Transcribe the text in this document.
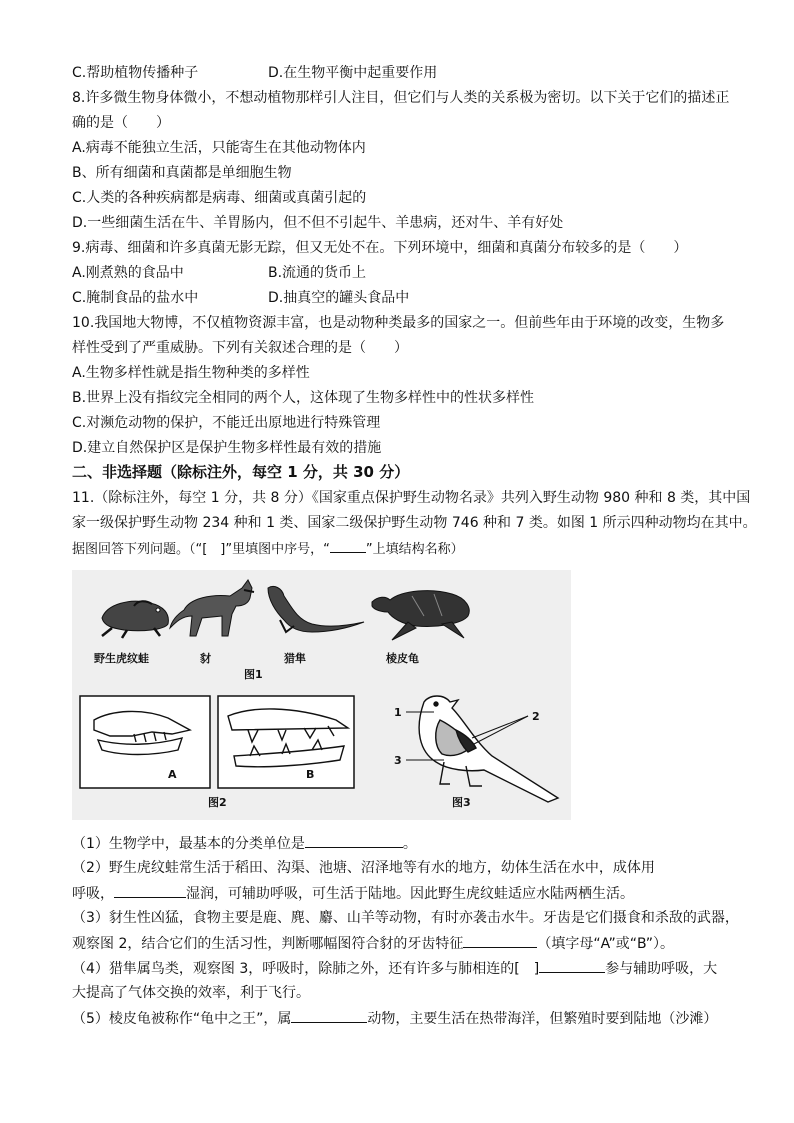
C.帮助植物传播种子	D.在生物平衡中起重要作用
8.许多微生物身体微小，不想动植物那样引人注目，但它们与人类的关系极为密切。以下关于它们的描述正
确的是（　　）
A.病毒不能独立生活，只能寄生在其他动物体内
B、所有细菌和真菌都是单细胞生物
C.人类的各种疾病都是病毒、细菌或真菌引起的
D.一些细菌生活在牛、羊胃肠内，但不但不引起牛、羊患病，还对牛、羊有好处
9.病毒、细菌和许多真菌无影无踪，但又无处不在。下列环境中，细菌和真菌分布较多的是（　　）
A.刚煮熟的食品中	B.流通的货币上
C.腌制食品的盐水中	D.抽真空的罐头食品中
10.我国地大物博，不仅植物资源丰富，也是动物种类最多的国家之一。但前些年由于环境的改变，生物多
样性受到了严重威胁。下列有关叙述合理的是（　　）
A.生物多样性就是指生物种类的多样性
B.世界上没有指纹完全相同的两个人，这体现了生物多样性中的性状多样性
C.对濒危动物的保护，不能迁出原地进行特殊管理
D.建立自然保护区是保护生物多样性最有效的措施
二、非选择题（除标注外，每空 1 分，共 30 分）
11.（除标注外，每空 1 分，共 8 分）《国家重点保护野生动物名录》共列入野生动物 980 种和 8 类，其中国
家一级保护野生动物 234 种和 1 类、国家二级保护野生动物 746 种和 7 类。如图 1 所示四种动物均在其中。
据图回答下列问题。（“[　]”里填图中序号，“	”上填结构名称）
野生虎纹蛙	豺	猎隼	棱皮龟
图1
A	B
图2
1	2
3
图3
（1）生物学中，最基本的分类单位是	。
（2）野生虎纹蛙常生活于稻田、沟渠、池塘、沼泽地等有水的地方，幼体生活在水中，成体用
呼吸，	湿润，可辅助呼吸，可生活于陆地。因此野生虎纹蛙适应水陆两栖生活。
（3）豺生性凶猛，食物主要是鹿、麂、麝、山羊等动物，有时亦袭击水牛。牙齿是它们摄食和杀敌的武器，
观察图 2，结合它们的生活习性，判断哪幅图符合豺的牙齿特征	（填字母“A”或“B”）。
（4）猎隼属鸟类，观察图 3，呼吸时，除肺之外，还有许多与肺相连的[　]	参与辅助呼吸，大
大提高了气体交换的效率，利于飞行。
（5）棱皮龟被称作“龟中之王”，属	动物，主要生活在热带海洋，但繁殖时要到陆地（沙滩）
